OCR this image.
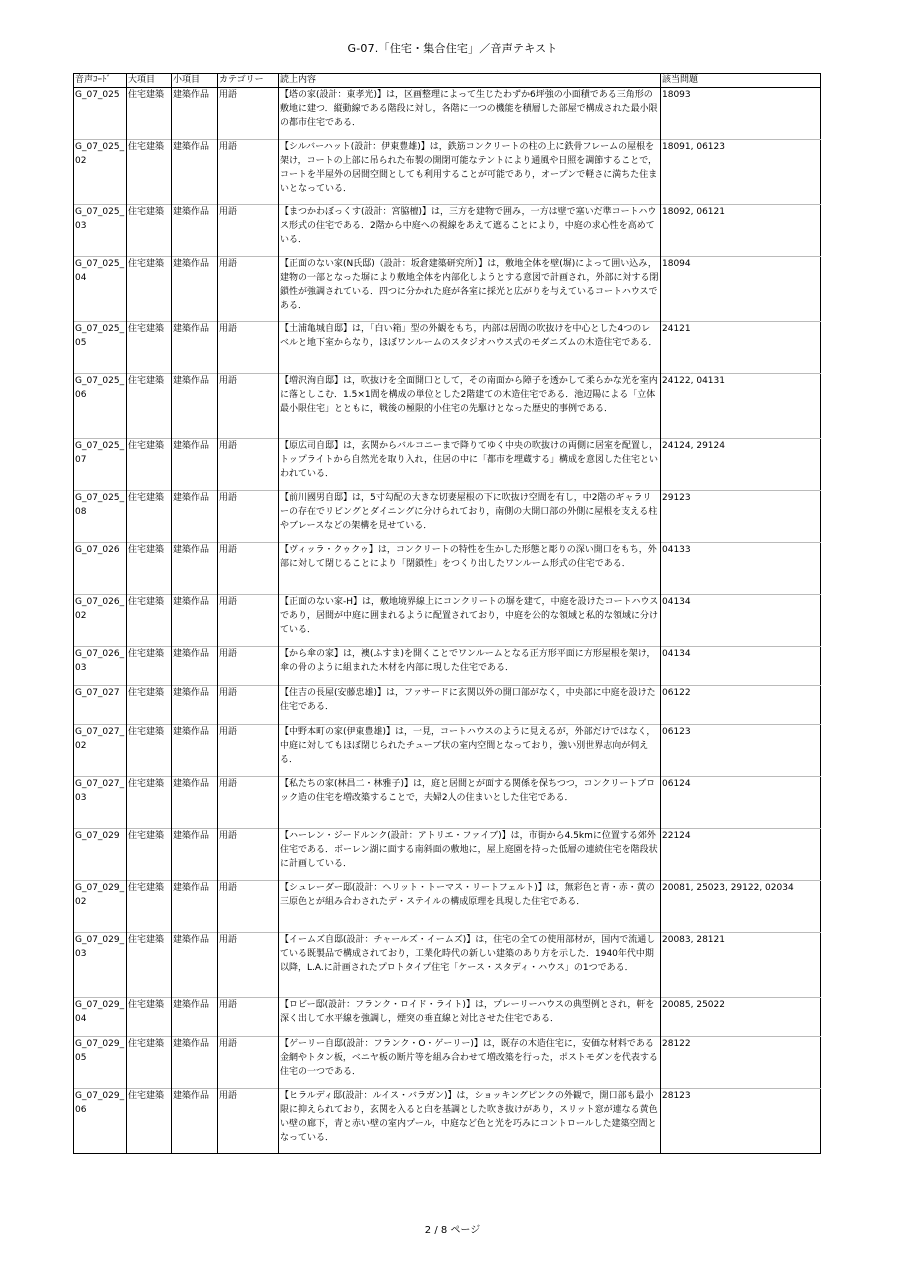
G-07.「住宅・集合住宅」／音声テキスト
音声ｺｰﾄﾞ	大項目	小項目	カテゴリー	読上内容	該当問題
G_07_025	住宅建築	建築作品	用語	【塔の家(設計：東孝光)】は，区画整理によって生じたわずか6坪強の小面積である三角形の敷地に建つ．縦動線である階段に対し，各階に一つの機能を積層した部屋で構成された最小限の都市住宅である．	18093
G_07_025_02	住宅建築	建築作品	用語	【シルバーハット(設計：伊東豊雄)】は，鉄筋コンクリートの柱の上に鉄骨フレームの屋根を架け，コートの上部に吊られた布製の開閉可能なテントにより通風や日照を調節することで，コートを半屋外の居間空間としても利用することが可能であり，オープンで軽さに満ちた住まいとなっている．	18091, 06123
G_07_025_03	住宅建築	建築作品	用語	【まつかわぼっくす(設計：宮脇檀)】は，三方を建物で囲み，一方は壁で塞いだ準コートハウス形式の住宅である．2階から中庭への視線をあえて遮ることにより，中庭の求心性を高めている．	18092, 06121
G_07_025_04	住宅建築	建築作品	用語	【正面のない家(N氏邸)（設計：坂倉建築研究所）】は，敷地全体を壁(塀)によって囲い込み，建物の一部となった塀により敷地全体を内部化しようとする意図で計画され，外部に対する閉鎖性が強調されている．四つに分かれた庭が各室に採光と広がりを与えているコートハウスである．	18094
G_07_025_05	住宅建築	建築作品	用語	【土浦亀城自邸】は，「白い箱」型の外観をもち，内部は居間の吹抜けを中心とした4つのレベルと地下室からなり，ほぼワンルームのスタジオハウス式のモダニズムの木造住宅である．	24121
G_07_025_06	住宅建築	建築作品	用語	【増沢洵自邸】は，吹抜けを全面開口として，その南面から障子を透かして柔らかな光を室内に落としこむ．1.5×1間を構成の単位とした2階建ての木造住宅である．池辺陽による「立体最小限住宅」とともに，戦後の極限的小住宅の先駆けとなった歴史的事例である．	24122, 04131
G_07_025_07	住宅建築	建築作品	用語	【原広司自邸】は，玄関からバルコニーまで降りてゆく中央の吹抜けの両側に居室を配置し，トップライトから自然光を取り入れ，住居の中に「都市を埋蔵する」構成を意図した住宅といわれている．	24124, 29124
G_07_025_08	住宅建築	建築作品	用語	【前川國男自邸】は，5寸勾配の大きな切妻屋根の下に吹抜け空間を有し，中2階のギャラリーの存在でリビングとダイニングに分けられており，南側の大開口部の外側に屋根を支える柱やブレースなどの架構を見せている．	29123
G_07_026	住宅建築	建築作品	用語	【ヴィッラ・クゥクゥ】は，コンクリートの特性を生かした形態と彫りの深い開口をもち，外部に対して閉じることにより「閉鎖性」をつくり出したワンルーム形式の住宅である．	04133
G_07_026_02	住宅建築	建築作品	用語	【正面のない家-H】は，敷地境界線上にコンクリートの塀を建て，中庭を設けたコートハウスであり，居間が中庭に囲まれるように配置されており，中庭を公的な領域と私的な領域に分けている．	04134
G_07_026_03	住宅建築	建築作品	用語	【から傘の家】は，襖(ふすま)を開くことでワンルームとなる正方形平面に方形屋根を架け，傘の骨のように組まれた木材を内部に現した住宅である．	04134
G_07_027	住宅建築	建築作品	用語	【住吉の長屋(安藤忠雄)】は，ファサードに玄関以外の開口部がなく，中央部に中庭を設けた住宅である．	06122
G_07_027_02	住宅建築	建築作品	用語	【中野本町の家(伊東豊雄)】は，一見，コートハウスのように見えるが，外部だけではなく，中庭に対してもほぼ閉じられたチューブ状の室内空間となっており，強い別世界志向が伺える．	06123
G_07_027_03	住宅建築	建築作品	用語	【私たちの家(林昌二・林雅子)】は，庭と居間とが面する関係を保ちつつ，コンクリートブロック造の住宅を増改築することで，夫婦2人の住まいとした住宅である．	06124
G_07_029	住宅建築	建築作品	用語	【ハーレン・ジードルンク(設計：アトリエ・ファイブ)】は，市街から4.5kmに位置する郊外住宅である．ボーレン湖に面する南斜面の敷地に，屋上庭園を持った低層の連続住宅を階段状に計画している．	22124
G_07_029_02	住宅建築	建築作品	用語	【シュレーダー邸(設計：ヘリット・トーマス・リートフェルト)】は，無彩色と青・赤・黄の三原色とが組み合わされたデ・ステイルの構成原理を具現した住宅である．	20081, 25023, 29122, 02034
G_07_029_03	住宅建築	建築作品	用語	【イームズ自邸(設計：チャールズ・イームズ)】は，住宅の全ての使用部材が，国内で流通している既製品で構成されており，工業化時代の新しい建築のあり方を示した．1940年代中期以降，L.A.に計画されたプロトタイプ住宅「ケース・スタディ・ハウス」の1つである．	20083, 28121
G_07_029_04	住宅建築	建築作品	用語	【ロビー邸(設計：フランク・ロイド・ライト)】は，プレーリーハウスの典型例とされ，軒を深く出して水平線を強調し，煙突の垂直線と対比させた住宅である．	20085, 25022
G_07_029_05	住宅建築	建築作品	用語	【ゲーリー自邸(設計：フランク・O・ゲーリー)】は，既存の木造住宅に，安価な材料である金網やトタン板，ベニヤ板の断片等を組み合わせて増改築を行った，ポストモダンを代表する住宅の一つである．	28122
G_07_029_06	住宅建築	建築作品	用語	【ヒラルディ邸(設計：ルイス・バラガン)】は，ショッキングピンクの外観で，開口部も最小限に抑えられており，玄関を入ると白を基調とした吹き抜けがあり，スリット窓が連なる黄色い壁の廊下，青と赤い壁の室内プール，中庭など色と光を巧みにコントロールした建築空間となっている．	28123
2 / 8 ページ
